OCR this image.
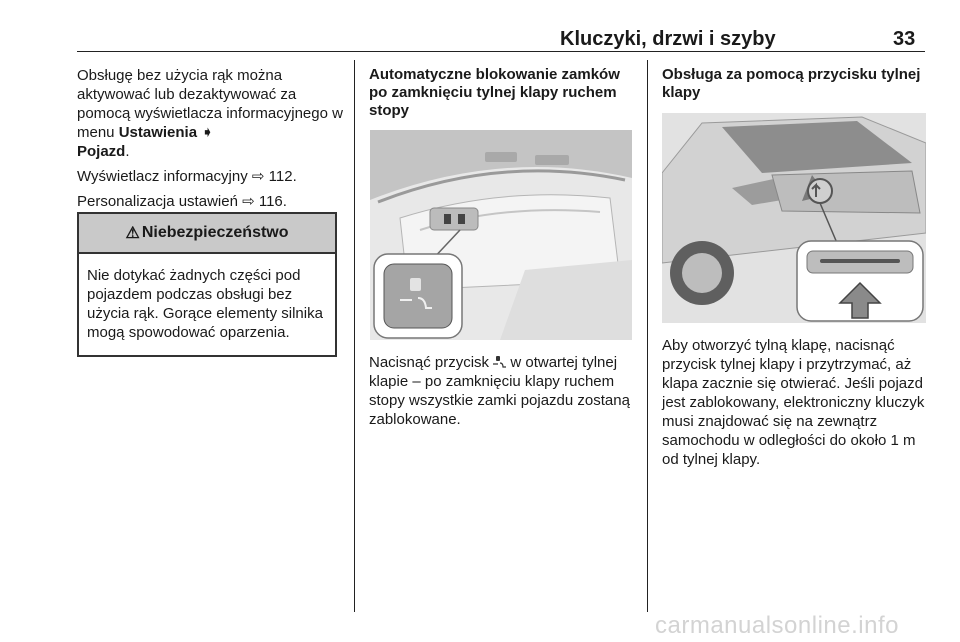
Kluczyki, drzwi i szyby	33

Obsługę bez użycia rąk można aktywować lub dezaktywować za pomocą wyświetlacza informacyjnego w menu Ustawienia ➧
Pojazd.

Wyświetlacz informacyjny ⇨ 112.

Personalizacja ustawień ⇨ 116.

⚠ Niebezpieczeństwo
Nie dotykać żadnych części pod pojazdem podczas obsługi bez użycia rąk. Gorące elementy silnika mogą spowodować oparzenia.

Automatyczne blokowanie zamków po zamknięciu tylnej klapy ruchem stopy

Nacisnąć przycisk  w otwartej tylnej klapie – po zamknięciu klapy ruchem stopy wszystkie zamki pojazdu zostaną zablokowane.

Obsługa za pomocą przycisku tylnej klapy

Aby otworzyć tylną klapę, nacisnąć przycisk tylnej klapy i przytrzymać, aż klapa zacznie się otwierać. Jeśli pojazd jest zablokowany, elektroniczny kluczyk musi znajdować się na zewnątrz samochodu w odległości do około 1 m od tylnej klapy.
carmanualsonline.info
